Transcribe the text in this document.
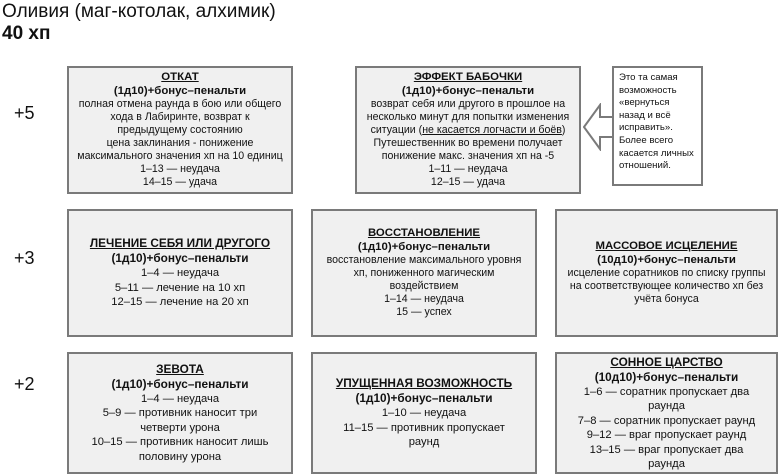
Оливия (маг-котолак, алхимик)
40 хп
+5
+3
+2
ОТКАТ
(1д10)+бонус–пенальти
полная отмена раунда в бою или общего
хода в Лабиринте, возврат к
предыдущему состоянию
цена заклинания - понижение
максимального значения хп на 10 единиц
1–13 — неудача
14–15 — удача
ЭФФЕКТ БАБОЧКИ
(1д10)+бонус–пенальти
возврат себя или другого в прошлое на
несколько минут для попытки изменения
ситуации (не касается логчасти и боёв)
Путешественник во времени получает
понижение макс. значения хп на -5
1–11 — неудача
12–15 — удача
Это та самая возможность «вернуться назад и всё исправить». Более всего касается личных отношений.
ЛЕЧЕНИЕ СЕБЯ ИЛИ ДРУГОГО
(1д10)+бонус–пенальти
1–4 — неудача
5–11 — лечение на 10 хп
12–15 — лечение на 20 хп
ВОССТАНОВЛЕНИЕ
(1д10)+бонус–пенальти
восстановление максимального уровня
хп, пониженного магическим
воздействием
1–14 — неудача
15 — успех
МАССОВОЕ ИСЦЕЛЕНИЕ
(10д10)+бонус–пенальти
исцеление соратников по списку группы
на соответствующее количество хп без
учёта бонуса
ЗЕВОТА
(1д10)+бонус–пенальти
1–4 — неудача
5–9 — противник наносит три
четверти урона
10–15 — противник наносит лишь
половину урона
УПУЩЕННАЯ ВОЗМОЖНОСТЬ
(1д10)+бонус–пенальти
1–10 — неудача
11–15 — противник пропускает
раунд
СОННОЕ ЦАРСТВО
(10д10)+бонус–пенальти
1–6 — соратник пропускает два
раунда
7–8 — соратник пропускает раунд
9–12 — враг пропускает раунд
13–15 — враг пропускает два
раунда
